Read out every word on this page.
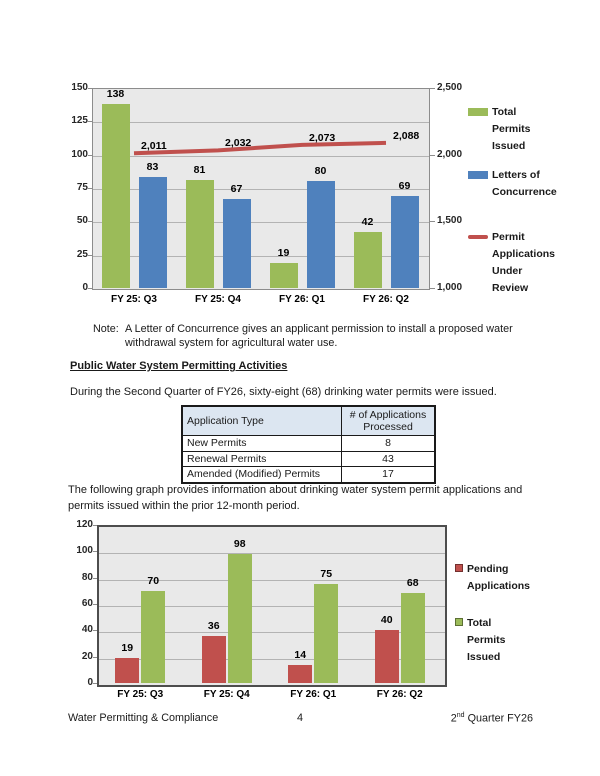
150
125
100
75
50
25
0
2,500
2,000
1,500
1,000
FY 25: Q3
138
83
FY 25: Q4
81
67
FY 26: Q1
19
80
FY 26: Q2
42
69
2,011	2,032	2,073	2,088
Total Permits
Issued
Letters of
Concurrence
Permit
Applications
Under
Review
Note: A Letter of Concurrence gives an applicant permission to install a proposed water withdrawal system for agricultural water use.
Public Water System Permitting Activities
During the Second Quarter of FY26, sixty-eight (68) drinking water permits were issued.
Application Type	# of Applications Processed
New Permits	8
Renewal Permits	43
Amended (Modified) Permits	17
The following graph provides information about drinking water system permit applications and permits issued within the prior 12-month period.
120
100
80
60
40
20
0
FY 25: Q3
19
70
FY 25: Q4
36
98
FY 26: Q1
14
75
FY 26: Q2
40
68
Pending
Applications
Total
Permits
Issued
Water Permitting & Compliance	4	2nd Quarter FY26
